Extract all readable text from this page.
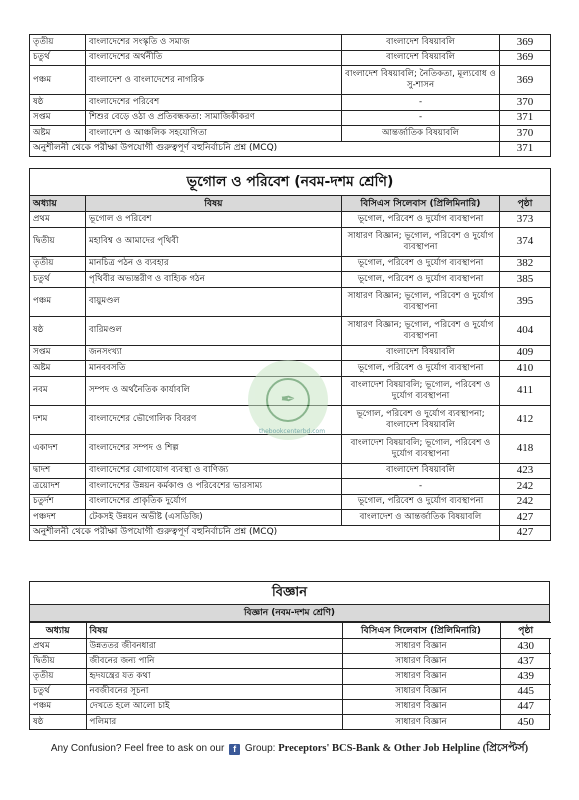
তৃতীয়	বাংলাদেশের সংস্কৃতি ও সমাজ	বাংলাদেশ বিষয়াবলি	369
চতুর্থ	বাংলাদেশের অর্থনীতি	বাংলাদেশ বিষয়াবলি	369
পঞ্চম	বাংলাদেশ ও বাংলাদেশের নাগরিক	বাংলাদেশ বিষয়াবলি; নৈতিকতা, মূল্যবোধ ও সু-শাসন	369
ষষ্ঠ	বাংলাদেশের পরিবেশ	-	370
সপ্তম	শিশুর বেড়ে ওঠা ও প্রতিবন্ধকতা: সামাজিকীকরণ	-	371
অষ্টম	বাংলাদেশ ও আঞ্চলিক সহযোগিতা	আন্তর্জাতিক বিষয়াবলি	370
অনুশীলনী থেকে পরীক্ষা উপযোগী গুরুত্বপূর্ণ বহুনির্বাচনি প্রশ্ন (MCQ)			371
ভূগোল ও পরিবেশ (নবম-দশম শ্রেণি)			
অধ্যায়	বিষয়	বিসিএস সিলেবাস (প্রিলিমিনারি)	পৃষ্ঠা
প্রথম	ভূগোল ও পরিবেশ	ভূগোল, পরিবেশ ও দুর্যোগ ব্যবস্থাপনা	373
দ্বিতীয়	মহাবিশ্ব ও আমাদের পৃথিবী	সাধারণ বিজ্ঞান; ভূগোল, পরিবেশ ও দুর্যোগ ব্যবস্থাপনা	374
তৃতীয়	মানচিত্র পঠন ও ব্যবহার	ভূগোল, পরিবেশ ও দুর্যোগ ব্যবস্থাপনা	382
চতুর্থ	পৃথিবীর অভ্যন্তরীণ ও বাহ্যিক গঠন	ভূগোল, পরিবেশ ও দুর্যোগ ব্যবস্থাপনা	385
পঞ্চম	বায়ুমণ্ডল	সাধারণ বিজ্ঞান; ভূগোল, পরিবেশ ও দুর্যোগ ব্যবস্থাপনা	395
ষষ্ঠ	বারিমণ্ডল	সাধারণ বিজ্ঞান; ভূগোল, পরিবেশ ও দুর্যোগ ব্যবস্থাপনা	404
সপ্তম	জনসংখ্যা	বাংলাদেশ বিষয়াবলি	409
অষ্টম	মানববসতি	ভূগোল, পরিবেশ ও দুর্যোগ ব্যবস্থাপনা	410
নবম	সম্পদ ও অর্থনৈতিক কার্যাবলি	বাংলাদেশ বিষয়াবলি; ভূগোল, পরিবেশ ও দুর্যোগ ব্যবস্থাপনা	411
দশম	বাংলাদেশের ভৌগোলিক বিবরণ	ভূগোল, পরিবেশ ও দুর্যোগ ব্যবস্থাপনা; বাংলাদেশ বিষয়াবলি	412
একাদশ	বাংলাদেশের সম্পদ ও শিল্প	বাংলাদেশ বিষয়াবলি; ভূগোল, পরিবেশ ও দুর্যোগ ব্যবস্থাপনা	418
দ্বাদশ	বাংলাদেশের যোগাযোগ ব্যবস্থা ও বাণিজ্য	বাংলাদেশ বিষয়াবলি	423
ত্রয়োদশ	বাংলাদেশের উন্নয়ন কর্মকাণ্ড ও পরিবেশের ভারসাম্য	-	242
চতুর্দশ	বাংলাদেশের প্রাকৃতিক দুর্যোগ	ভূগোল, পরিবেশ ও দুর্যোগ ব্যবস্থাপনা	242
পঞ্চদশ	টেকসই উন্নয়ন অভীষ্ট (এসডিজি)	বাংলাদেশ ও আন্তর্জাতিক বিষয়াবলি	427
অনুশীলনী থেকে পরীক্ষা উপযোগী গুরুত্বপূর্ণ বহুনির্বাচনি প্রশ্ন (MCQ)			427
বিজ্ঞান
বিজ্ঞান (নবম-দশম শ্রেণি)
অধ্যায়	বিষয়	বিসিএস সিলেবাস (প্রিলিমিনারি)	পৃষ্ঠা
প্রথম	উন্নততর জীবনধারা	সাধারণ বিজ্ঞান	430
দ্বিতীয়	জীবনের জন্য পানি	সাধারণ বিজ্ঞান	437
তৃতীয়	হৃদযন্ত্রের যত কথা	সাধারণ বিজ্ঞান	439
চতুর্থ	নবজীবনের সূচনা	সাধারণ বিজ্ঞান	445
পঞ্চম	দেখতে হলে আলো চাই	সাধারণ বিজ্ঞান	447
ষষ্ঠ	পলিমার	সাধারণ বিজ্ঞান	450
✒
thebookcenterbd.com
Any Confusion? Feel free to ask on our f Group: Preceptors' BCS-Bank & Other Job Helpline (প্রিসেপ্টর্স)
